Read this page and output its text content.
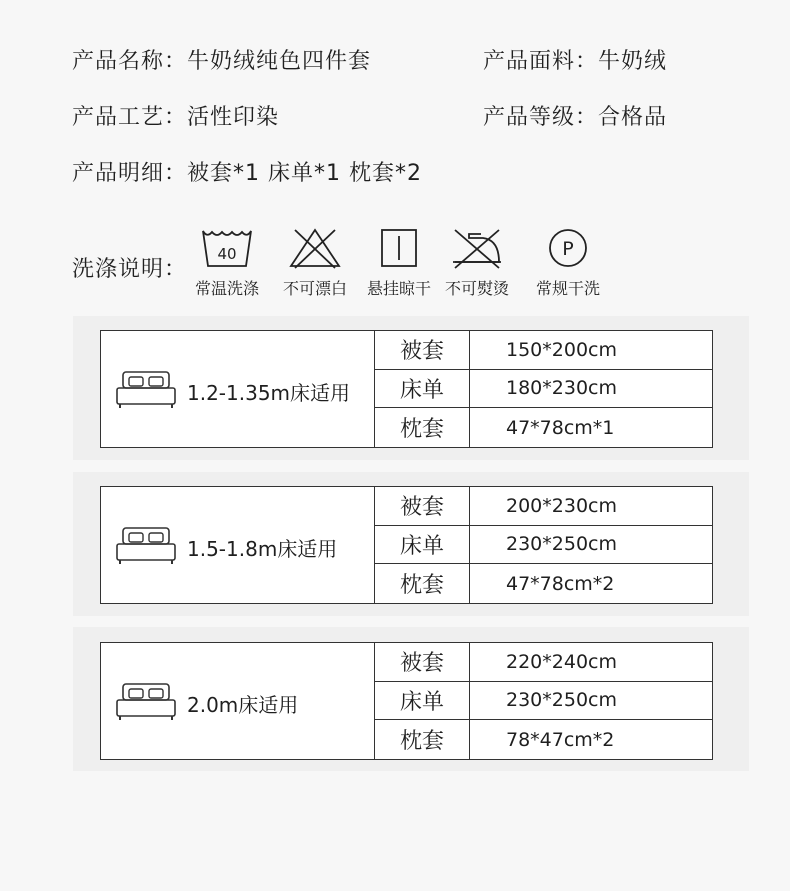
产品名称：牛奶绒纯色四件套	产品面料：牛奶绒
产品工艺：活性印染	产品等级：合格品
产品明细：被套*1 床单*1 枕套*2
洗涤说明：
40
常温洗涤	不可漂白	悬挂晾干 不可熨烫
P
常规干洗
1.2-1.35m床适用
被套	150*200cm
床单	180*230cm
枕套	47*78cm*1
1.5-1.8m床适用
被套	200*230cm
床单	230*250cm
枕套	47*78cm*2
2.0m床适用
被套	220*240cm
床单	230*250cm
枕套	78*47cm*2
